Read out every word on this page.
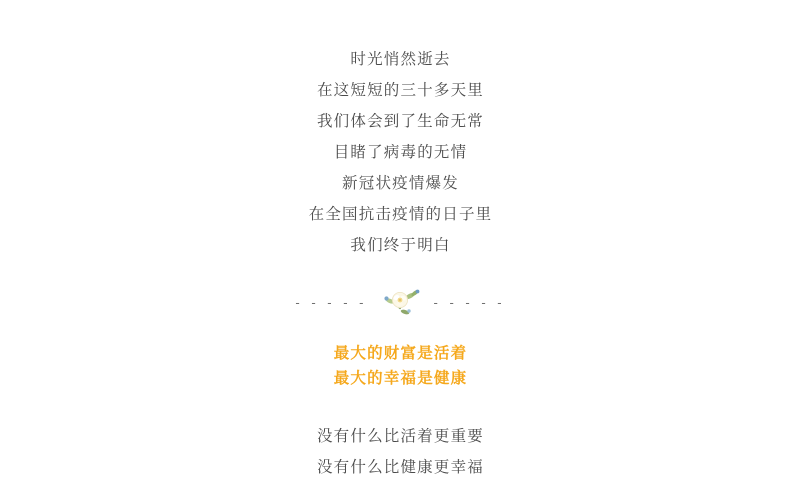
时光悄然逝去
在这短短的三十多天里
我们体会到了生命无常
目睹了病毒的无情
新冠状疫情爆发
在全国抗击疫情的日子里
我们终于明白
- - - - -	- - - - -
最大的财富是活着
最大的幸福是健康
没有什么比活着更重要
没有什么比健康更幸福
